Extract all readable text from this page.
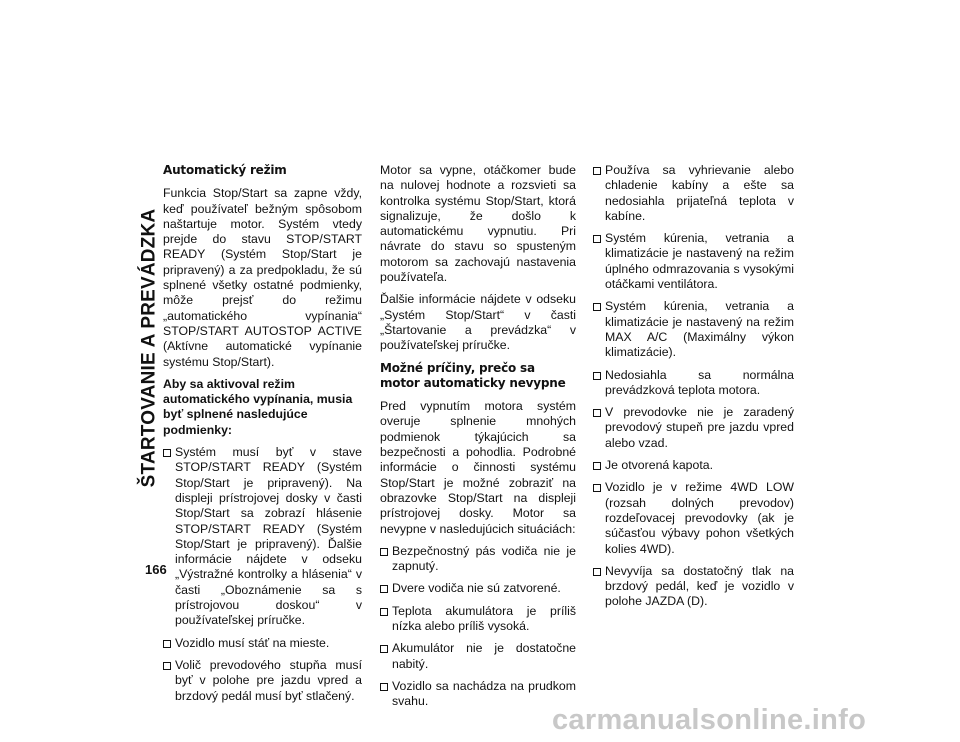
ŠTARTOVANIE A PREVÁDZKA
Automatický režim

Funkcia Stop/Start sa zapne vždy, keď používateľ bežným spôsobom naštartuje motor. Systém vtedy prejde do stavu STOP/START READY (Systém Stop/Start je pripravený) a za predpokladu, že sú splnené všetky ostatné podmienky, môže prejsť do režimu „automatického vypínania“ STOP/START AUTOSTOP ACTIVE (Aktívne automatické vypínanie systému Stop/Start).

Aby sa aktivoval režim automatického vypínania, musia byť splnené nasledujúce podmienky:

Systém musí byť v stave STOP/START READY (Systém Stop/Start je pripravený). Na displeji prístrojovej dosky v časti Stop/Start sa zobrazí hlásenie STOP/START READY (Systém Stop/Start je pripravený). Ďalšie informácie nájdete v odseku „Výstražné kontrolky a hlásenia“ v časti „Oboznámenie sa s prístrojovou doskou“ v používateľskej príručke.
Vozidlo musí stáť na mieste.
Volič prevodového stupňa musí byť v polohe pre jazdu vpred a brzdový pedál musí byť stlačený.

Motor sa vypne, otáčkomer bude na nulovej hodnote a rozsvieti sa kontrolka systému Stop/Start, ktorá signalizuje, že došlo k automatickému vypnutiu. Pri návrate do stavu so spusteným motorom sa zachovajú nastavenia používateľa.

Ďalšie informácie nájdete v odseku „Systém Stop/Start“ v časti „Štartovanie a prevádzka“ v používateľskej príručke.

Možné príčiny, prečo sa motor automaticky nevypne

Pred vypnutím motora systém overuje splnenie mnohých podmienok týkajúcich sa bezpečnosti a pohodlia. Podrobné informácie o činnosti systému Stop/Start je možné zobraziť na obrazovke Stop/Start na displeji prístrojovej dosky. Motor sa nevypne v nasledujúcich situáciách:

Bezpečnostný pás vodiča nie je zapnutý.
Dvere vodiča nie sú zatvorené.
Teplota akumulátora je príliš nízka alebo príliš vysoká.
Akumulátor nie je dostatočne nabitý.
Vozidlo sa nachádza na prudkom svahu.
Používa sa vyhrievanie alebo chladenie kabíny a ešte sa nedosiahla prijateľná teplota v kabíne.
Systém kúrenia, vetrania a klimatizácie je nastavený na režim úplného odmrazovania s vysokými otáčkami ventilátora.
Systém kúrenia, vetrania a klimatizácie je nastavený na režim MAX A/C (Maximálny výkon klimatizácie).
Nedosiahla sa normálna prevádzková teplota motora.
V prevodovke nie je zaradený prevodový stupeň pre jazdu vpred alebo vzad.
Je otvorená kapota.
Vozidlo je v režime 4WD LOW (rozsah dolných prevodov) rozdeľovacej prevodovky (ak je súčasťou výbavy pohon všetkých kolies 4WD).
Nevyvíja sa dostatočný tlak na brzdový pedál, keď je vozidlo v polohe JAZDA (D).
166
carmanualsonline.info
